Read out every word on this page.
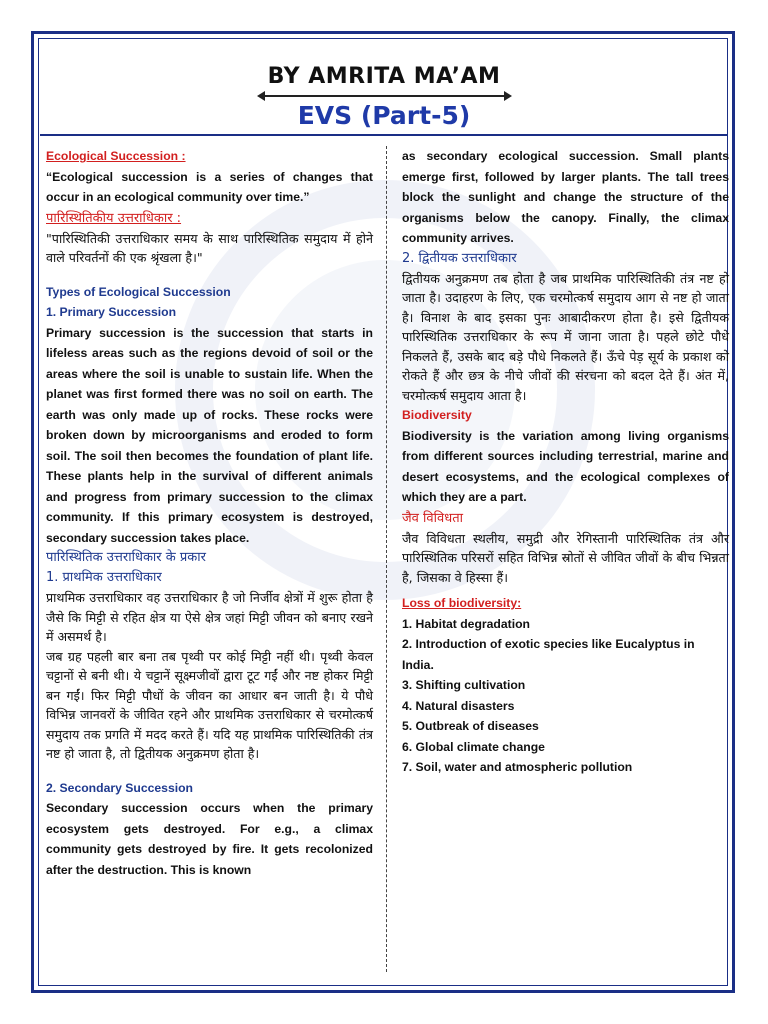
BY AMRITA MA’AM
EVS (Part-5)

Ecological Succession :

“Ecological succession is a series of changes that occur in an ecological community over time.”

पारिस्थितिकीय उत्तराधिकार :

"पारिस्थितिकी उत्तराधिकार समय के साथ पारिस्थितिक समुदाय में होने वाले परिवर्तनों की एक श्रृंखला है।"

Types of Ecological Succession

1. Primary Succession

Primary succession is the succession that starts in lifeless areas such as the regions devoid of soil or the areas where the soil is unable to sustain life. When the planet was first formed there was no soil on earth. The earth was only made up of rocks. These rocks were broken down by microorganisms and eroded to form soil. The soil then becomes the foundation of plant life. These plants help in the survival of different animals and progress from primary succession to the climax community. If this primary ecosystem is destroyed, secondary succession takes place.

पारिस्थितिक उत्तराधिकार के प्रकार

1. प्राथमिक उत्तराधिकार

प्राथमिक उत्तराधिकार वह उत्तराधिकार है जो निर्जीव क्षेत्रों में शुरू होता है जैसे कि मिट्टी से रहित क्षेत्र या ऐसे क्षेत्र जहां मिट्टी जीवन को बनाए रखने में असमर्थ है।

जब ग्रह पहली बार बना तब पृथ्वी पर कोई मिट्टी नहीं थी। पृथ्वी केवल चट्टानों से बनी थी। ये चट्टानें सूक्ष्मजीवों द्वारा टूट गईं और नष्ट होकर मिट्टी बन गईं। फिर मिट्टी पौधों के जीवन का आधार बन जाती है। ये पौधे विभिन्न जानवरों के जीवित रहने और प्राथमिक उत्तराधिकार से चरमोत्कर्ष समुदाय तक प्रगति में मदद करते हैं। यदि यह प्राथमिक पारिस्थितिकी तंत्र नष्ट हो जाता है, तो द्वितीयक अनुक्रमण होता है।

2. Secondary Succession

Secondary succession occurs when the primary ecosystem gets destroyed. For e.g., a climax community gets destroyed by fire. It gets recolonized after the destruction. This is known

as secondary ecological succession. Small plants emerge first, followed by larger plants. The tall trees block the sunlight and change the structure of the organisms below the canopy. Finally, the climax community arrives.

2. द्वितीयक उत्तराधिकार

द्वितीयक अनुक्रमण तब होता है जब प्राथमिक पारिस्थितिकी तंत्र नष्ट हो जाता है। उदाहरण के लिए, एक चरमोत्कर्ष समुदाय आग से नष्ट हो जाता है। विनाश के बाद इसका पुनः आबादीकरण होता है। इसे द्वितीयक पारिस्थितिक उत्तराधिकार के रूप में जाना जाता है। पहले छोटे पौधे निकलते हैं, उसके बाद बड़े पौधे निकलते हैं। ऊँचे पेड़ सूर्य के प्रकाश को रोकते हैं और छत्र के नीचे जीवों की संरचना को बदल देते हैं। अंत में, चरमोत्कर्ष समुदाय आता है।

Biodiversity

Biodiversity is the variation among living organisms from different sources including terrestrial, marine and desert ecosystems, and the ecological complexes of which they are a part.

जैव विविधता

जैव विविधता स्थलीय, समुद्री और रेगिस्तानी पारिस्थितिक तंत्र और पारिस्थितिक परिसरों सहित विभिन्न स्रोतों से जीवित जीवों के बीच भिन्नता है, जिसका वे हिस्सा हैं।

Loss of biodiversity:

1. Habitat degradation
2. Introduction of exotic species like Eucalyptus in India.
3. Shifting cultivation
4. Natural disasters
5. Outbreak of diseases
6. Global climate change
7. Soil, water and atmospheric pollution
